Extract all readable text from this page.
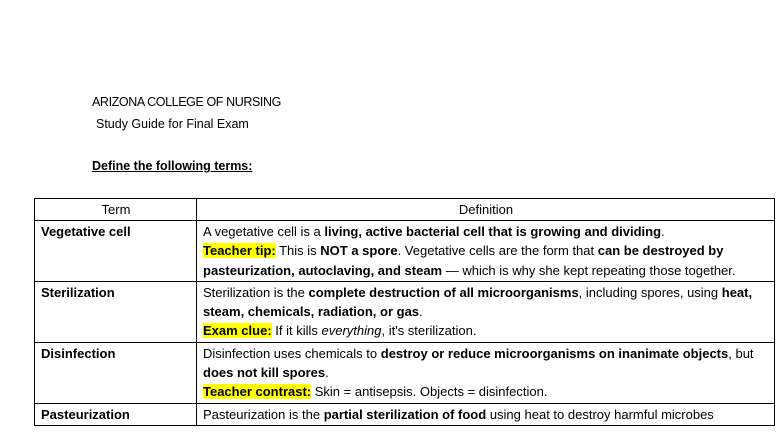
ARIZONA COLLEGE OF NURSING
Study Guide for Final Exam
Define the following terms:
Term	Definition
Vegetative cell	A vegetative cell is a living, active bacterial cell that is growing and dividing.
Teacher tip: This is NOT a spore. Vegetative cells are the form that can be destroyed by pasteurization, autoclaving, and steam — which is why she kept repeating those together.
Sterilization	Sterilization is the complete destruction of all microorganisms, including spores, using heat, steam, chemicals, radiation, or gas.
Exam clue: If it kills everything, it's sterilization.
Disinfection	Disinfection uses chemicals to destroy or reduce microorganisms on inanimate objects, but does not kill spores.
Teacher contrast: Skin = antisepsis. Objects = disinfection.
Pasteurization	Pasteurization is the partial sterilization of food using heat to destroy harmful microbes
